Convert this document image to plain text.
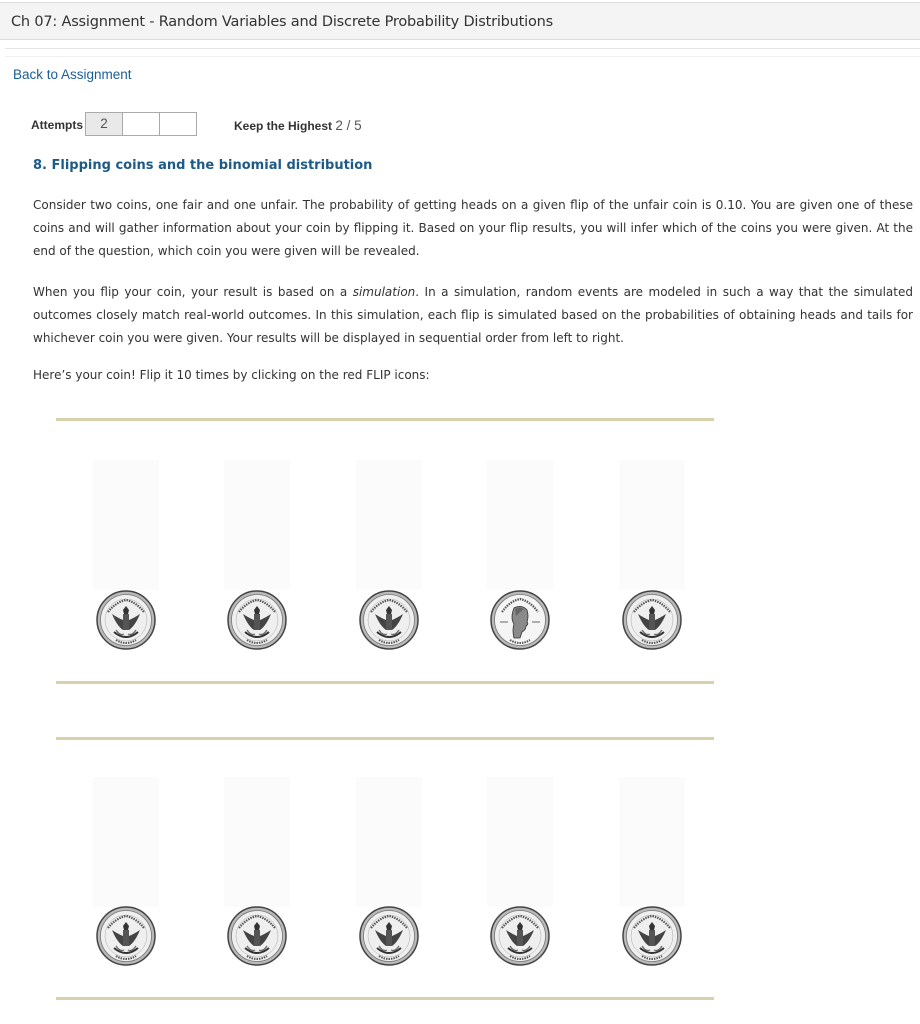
Ch 07: Assignment - Random Variables and Discrete Probability Distributions
Back to Assignment
Attempts	2	Keep the Highest 2 / 5
8. Flipping coins and the binomial distribution
Consider two coins, one fair and one unfair. The probability of getting heads on a given flip of the unfair coin is 0.10. You are given one of these coins and will gather information about your coin by flipping it. Based on your flip results, you will infer which of the coins you were given. At the end of the question, which coin you were given will be revealed.
When you flip your coin, your result is based on a simulation. In a simulation, random events are modeled in such a way that the simulated outcomes closely match real-world outcomes. In this simulation, each flip is simulated based on the probabilities of obtaining heads and tails for whichever coin you were given. Your results will be displayed in sequential order from left to right.
Here’s your coin! Flip it 10 times by clicking on the red FLIP icons:
